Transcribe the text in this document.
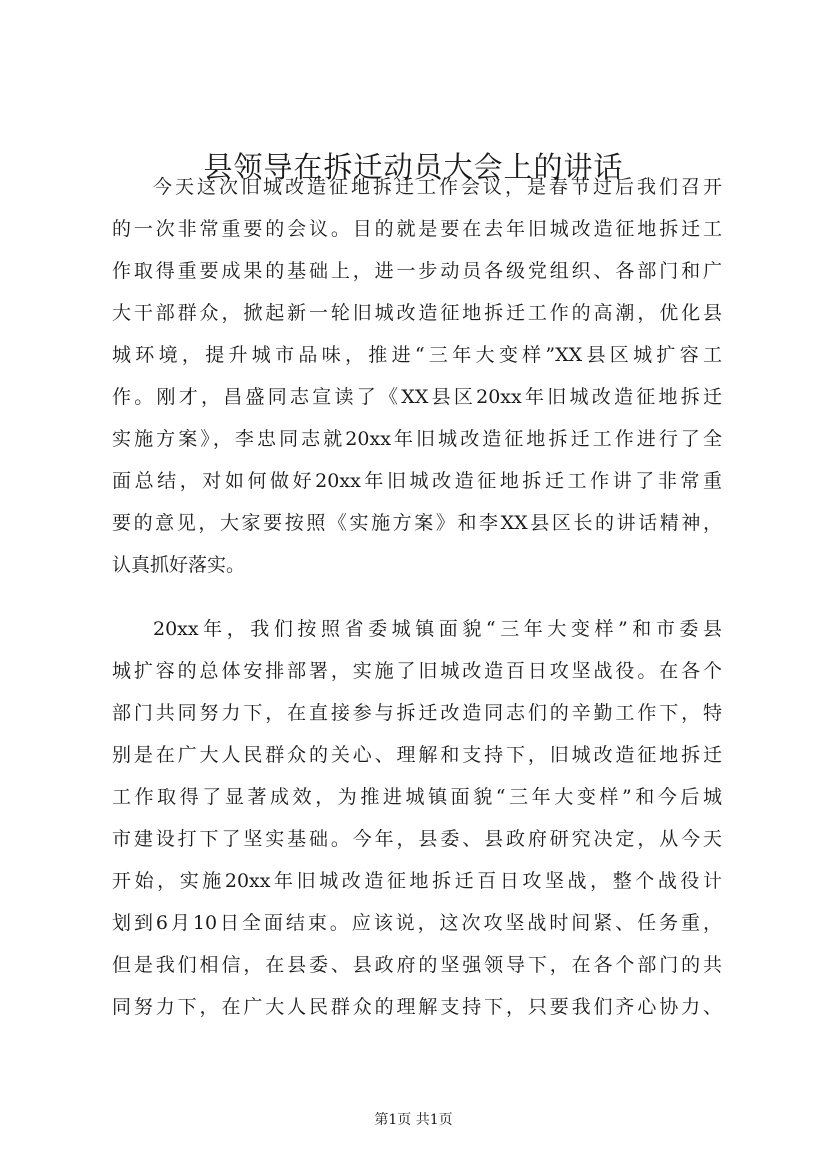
县领导在拆迁动员大会上的讲话

今天这次旧城改造征地拆迁工作会议，是春节过后我们召开

的一次非常重要的会议。目的就是要在去年旧城改造征地拆迁工

作取得重要成果的基础上，进一步动员各级党组织、各部门和广

大干部群众，掀起新一轮旧城改造征地拆迁工作的高潮，优化县

城环境，提升城市品味，推进“三年大变样”XX县区城扩容工

作。刚才，昌盛同志宣读了《XX县区20xx年旧城改造征地拆迁

实施方案》，李忠同志就20xx年旧城改造征地拆迁工作进行了全

面总结，对如何做好20xx年旧城改造征地拆迁工作讲了非常重

要的意见，大家要按照《实施方案》和李XX县区长的讲话精神，

认真抓好落实。

20xx年，我们按照省委城镇面貌“三年大变样”和市委县

城扩容的总体安排部署，实施了旧城改造百日攻坚战役。在各个

部门共同努力下，在直接参与拆迁改造同志们的辛勤工作下，特

别是在广大人民群众的关心、理解和支持下，旧城改造征地拆迁

工作取得了显著成效，为推进城镇面貌“三年大变样”和今后城

市建设打下了坚实基础。今年，县委、县政府研究决定，从今天

开始，实施20xx年旧城改造征地拆迁百日攻坚战，整个战役计

划到6月10日全面结束。应该说，这次攻坚战时间紧、任务重，

但是我们相信，在县委、县政府的坚强领导下，在各个部门的共

同努力下，在广大人民群众的理解支持下，只要我们齐心协力、

第1页 共1页
